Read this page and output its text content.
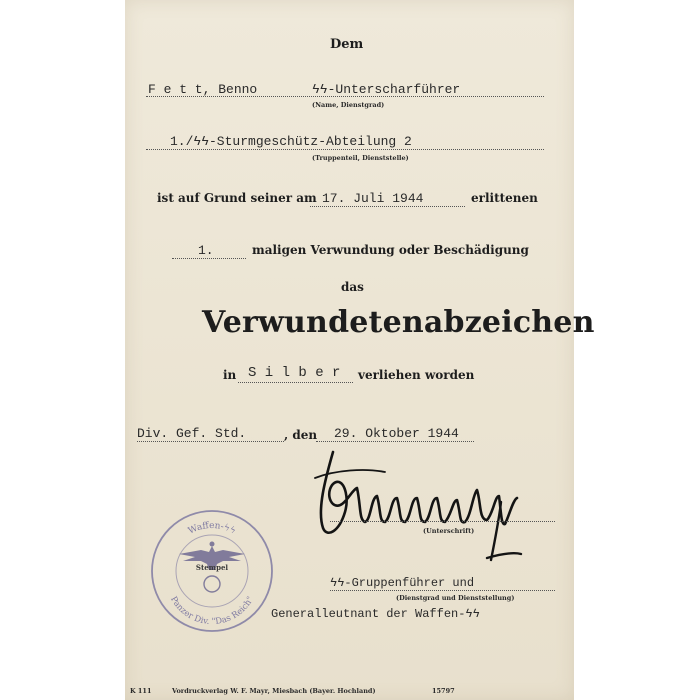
Dem
F e t t, Benno	ϟϟ-Unterscharführer
(Name, Dienstgrad)
1./ϟϟ-Sturmgeschütz-Abteilung 2
(Truppenteil, Dienststelle)
ist auf Grund seiner am 17. Juli 1944	erlittenen
1.	maligen Verwundung oder Beschädigung
das
Verwundetenabzeichen
in S i l b e r verliehen worden
Div. Gef. Std.	, den 29. Oktober 1944
(Unterschrift)
ϟϟ-Gruppenführer und
(Dienstgrad und Dienststellung)
Generalleutnant der Waffen-ϟϟ
Waffen-ϟϟ
Panzer Div. "Das Reich"
Stempel
K 111	Vordruckverlag W. F. Mayr, Miesbach (Bayer. Hochland)	15797
